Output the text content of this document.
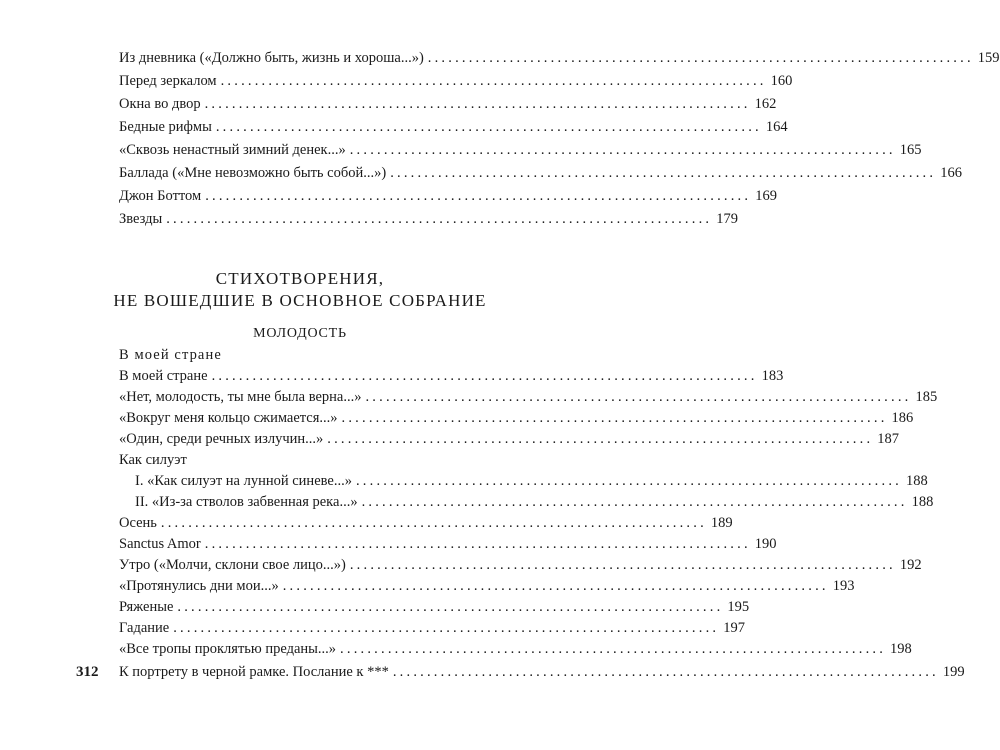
Из дневника («Должно быть, жизнь и хороша...») ................................................................................ 159
Перед зеркалом ................................................................................ 160
Окна во двор ................................................................................ 162
Бедные рифмы ................................................................................ 164
«Сквозь ненастный зимний денек...» ................................................................................ 165
Баллада («Мне невозможно быть собой...») ................................................................................ 166
Джон Боттом ................................................................................ 169
Звезды ................................................................................ 179
СТИХОТВОРЕНИЯ,
НЕ ВОШЕДШИЕ В ОСНОВНОЕ СОБРАНИЕ
МОЛОДОСТЬ
В моей стране
В моей стране ................................................................................ 183
«Нет, молодость, ты мне была верна...» ................................................................................ 185
«Вокруг меня кольцо сжимается...» ................................................................................ 186
«Один, среди речных излучин...» ................................................................................ 187
Как силуэт
I. «Как силуэт на лунной синеве...» ................................................................................ 188
II. «Из-за стволов забвенная река...» ................................................................................ 188
Осень ................................................................................ 189
Sanctus Amor ................................................................................ 190
Утро («Молчи, склони свое лицо...») ................................................................................ 192
«Протянулись дни мои...» ................................................................................ 193
Ряженые ................................................................................ 195
Гадание ................................................................................ 197
«Все тропы проклятью преданы...» ................................................................................ 198
К портрету в черной рамке. Послание к *** ................................................................................ 199
312
